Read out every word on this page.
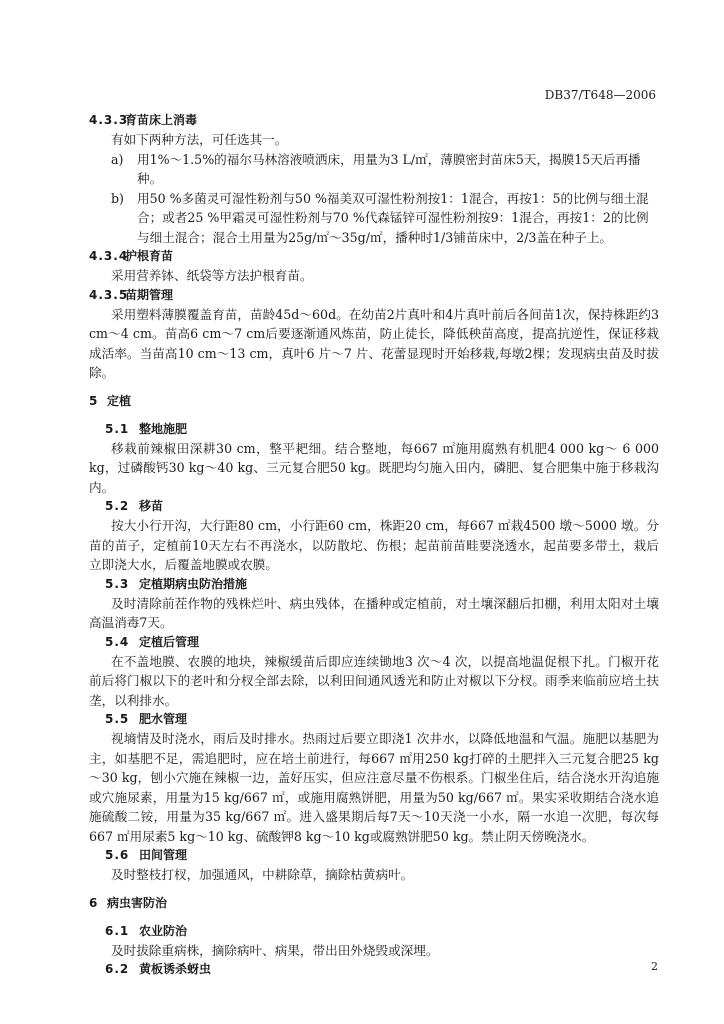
DB37/T648—2006
4.3.3育苗床上消毒

有如下两种方法，可任选其一。

a)	用1%～1.5%的福尔马林溶液喷洒床，用量为3 L/㎡，薄膜密封苗床5天，揭膜15天后再播种。
b)	用50 %多菌灵可湿性粉剂与50 %福美双可湿性粉剂按1：1混合，再按1：5的比例与细土混合；或者25 %甲霜灵可湿性粉剂与70 %代森锰锌可湿性粉剂按9：1混合，再按1：2的比例与细土混合；混合土用量为25g/㎡～35g/㎡，播种时1/3铺苗床中，2/3盖在种子上。
4.3.4护根育苗

采用营养钵、纸袋等方法护根育苗。

4.3.5苗期管理

采用塑料薄膜覆盖育苗，苗龄45d～60d。在幼苗2片真叶和4片真叶前后各间苗1次，保持株距约3 cm～4 cm。苗高6 cm～7 cm后要逐渐通风炼苗，防止徒长，降低秧苗高度，提高抗逆性，保证移栽成活率。当苗高10 cm～13 cm，真叶6 片～7 片、花蕾显现时开始移栽,每墩2棵；发现病虫苗及时拔除。

5 定植
5.1 整地施肥

移栽前辣椒田深耕30 cm，整平耙细。结合整地，每667 ㎡施用腐熟有机肥4 000 kg～ 6 000 kg，过磷酸钙30 kg～40 kg、三元复合肥50 kg。既肥均匀施入田内，磷肥、复合肥集中施于移栽沟内。

5.2 移苗

按大小行开沟，大行距80 cm，小行距60 cm，株距20 cm，每667 ㎡栽4500 墩～5000 墩。分苗的苗子，定植前10天左右不再浇水，以防散坨、伤根；起苗前苗畦要浇透水，起苗要多带土，栽后立即浇大水，后覆盖地膜或农膜。

5.3 定植期病虫防治措施

及时清除前茬作物的残株烂叶、病虫残体，在播种或定植前，对土壤深翻后扣棚，利用太阳对土壤高温消毒7天。

5.4 定植后管理

在不盖地膜、农膜的地块，辣椒缓苗后即应连续锄地3 次～4 次，以提高地温促根下扎。门椒开花前后将门椒以下的老叶和分杈全部去除，以利田间通风透光和防止对椒以下分杈。雨季来临前应培土扶垄，以利排水。

5.5 肥水管理

视墒情及时浇水，雨后及时排水。热雨过后要立即浇1 次井水，以降低地温和气温。施肥以基肥为主，如基肥不足，需追肥时，应在培土前进行，每667 ㎡用250 kg打碎的土肥拌入三元复合肥25 kg～30 kg，刨小穴施在辣椒一边，盖好压实，但应注意尽量不伤根系。门椒坐住后，结合浇水开沟追施或穴施尿素，用量为15 kg/667 ㎡，或施用腐熟饼肥，用量为50 kg/667 ㎡。果实采收期结合浇水追施硫酸二铵，用量为35 kg/667 ㎡。进入盛果期后每7天～10天浇一小水，隔一水追一次肥，每次每667 ㎡用尿素5 kg～10 kg、硫酸钾8 kg～10 kg或腐熟饼肥50 kg。禁止阴天傍晚浇水。

5.6 田间管理

及时整枝打杈，加强通风，中耕除草，摘除枯黄病叶。

6 病虫害防治
6.1 农业防治

及时拔除重病株，摘除病叶、病果，带出田外烧毁或深埋。

6.2 黄板诱杀蚜虫	2
